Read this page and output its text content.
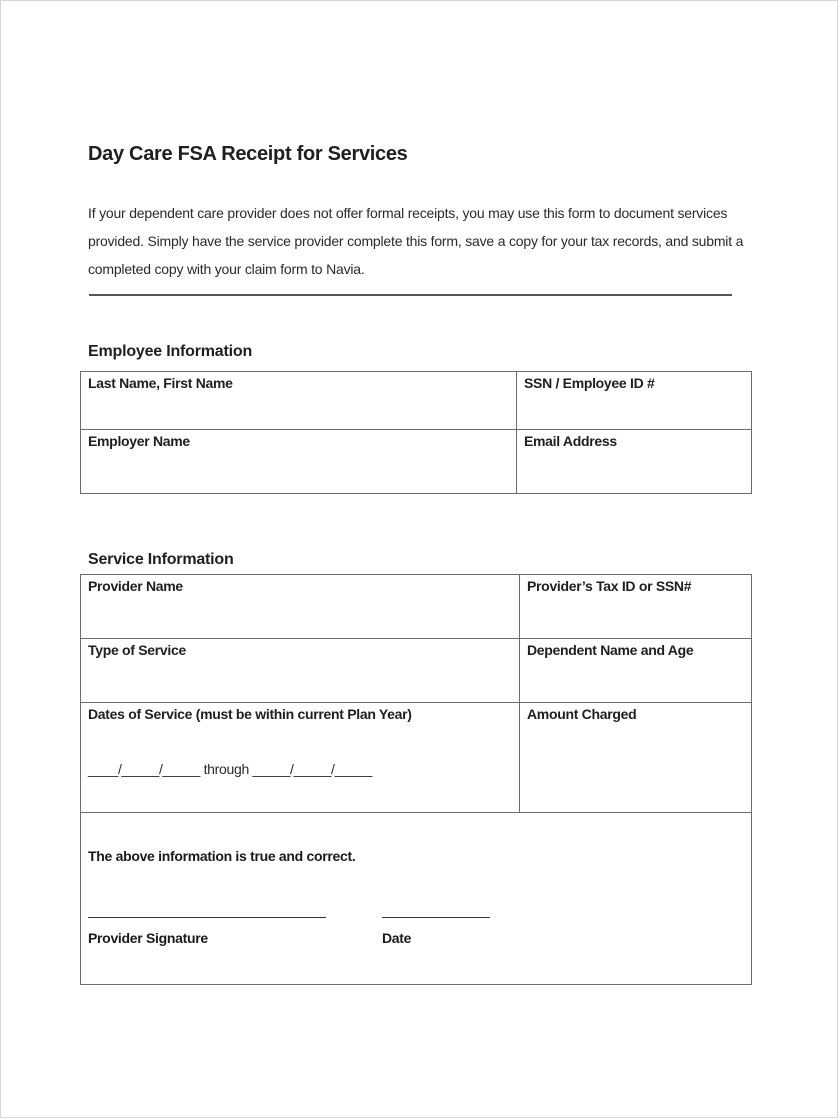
Day Care FSA Receipt for Services
If your dependent care provider does not offer formal receipts, you may use this form to document services provided. Simply have the service provider complete this form, save a copy for your tax records, and submit a completed copy with your claim form to Navia.
Employee Information
Last Name, First Name	SSN / Employee ID #

Employer Name	Email Address
Service Information
Provider Name	Provider’s Tax ID or SSN#

Type of Service	Dependent Name and Age

Dates of Service (must be within current Plan Year)
____/_____/_____ through _____/_____/_____	Amount Charged

The above information is true and correct.
Provider Signature	Date
